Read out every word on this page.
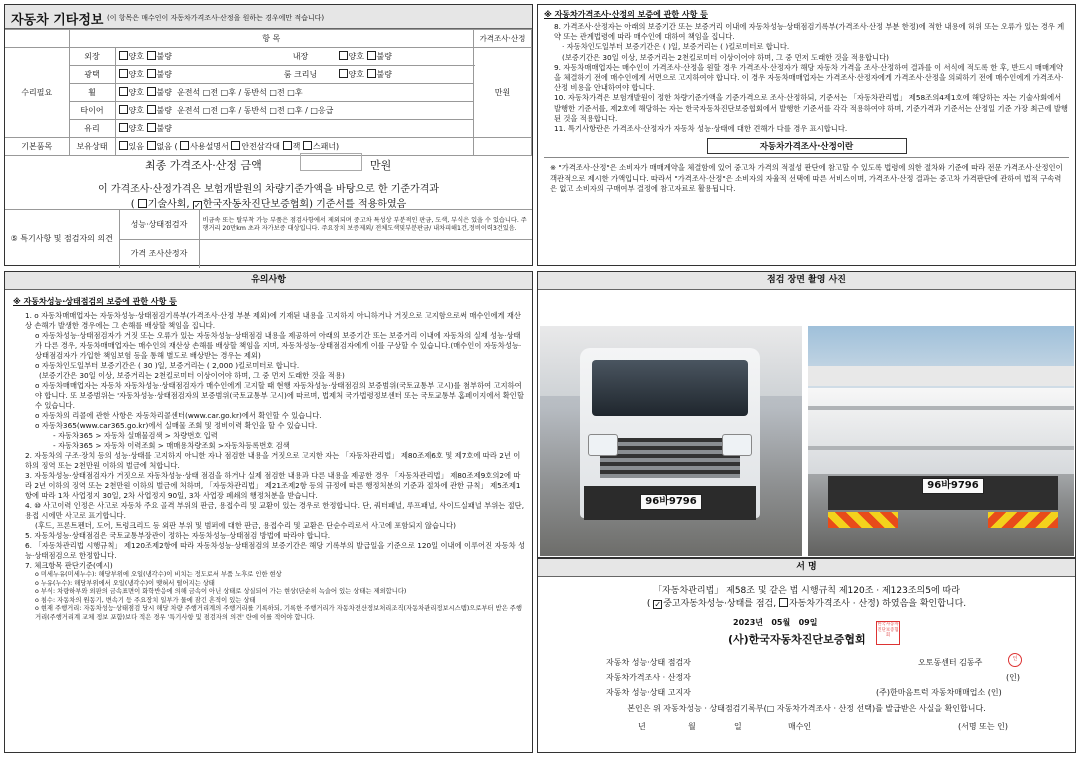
자동차 기타정보 (이 항목은 매수인이 자동차가격조사·산정을 원하는 경우에만 적습니다)
	항 목		가격조사·산정
수리필요	외장	양호 불량 내장 양호 불량	만원
	광택	양호 불량 룸 크리닝 양호 불량	
	휠	양호 불량 운전석 □전 □후 / 동반석 □전 □후	
	타이어	양호 불량 운전석 □전 □후 / 동반석 □전 □후 / □응급	
	유리	양호 불량	
기본품목	보유상태	있음 없음 ( 사용설명서 안전삼각대 잭 스패너)	
최종 가격조사·산정 금액	만원
이 가격조사·산정가격은 보험개발원의 차량기준가액을 바탕으로 한 기준가격과
( 기술사회, ✓ 한국자동차진단보증협회) 기준서를 적용하였음
⑤ 특기사항 및 점검자의 의견	성능·상태점검자	비금속 또는 탈부착 가능 부품은 점검사항에서 제외되며 중고차 특성상 부분적인 판금, 도색, 부식은 있을 수 있습니다. 주행거리 20만km 초과 자가보증 대상입니다. 주요장치 보증제외/ 전체도색및부분판금/ 내차피해1건,정비이력3건있음.
	가격 조사산정자	
※ 자동차가격조사·산정의 보증에 관한 사항 등
8. 가격조사·산정자는 아래의 보증기간 또는 보증거리 이내에 자동차성능·상태점검기록부(가격조사·산정 부분 한정)에 적한 내용에 허위 또는 오류가 있는 경우 계약 또는 관계법령에 따라 매수인에 대하여 책임을 집니다.
· 자동차인도일부터 보증기간은 ( )일, 보증거리는 ( )킬로미터로 합니다.
(보증기간은 30일 이상, 보증거리는 2천킬로미터 이상이어야 하며, 그 중 먼저 도래한 것을 적용합니다)
9. 자동차매매업자는 매수인이 가격조사·산정을 원할 경우 가격조사·산정자가 해당 자동차 가격을 조사·산정하여 결과를 이 서식에 적도록 한 후, 반드시 매매계약을 체결하기 전에 매수인에게 서면으로 고지하여야 합니다. 이 경우 자동차매매업자는 가격조사·산정자에게 가격조사·산정을 의뢰하기 전에 매수인에게 가격조사·산정 비용을 안내하여야 합니다.
10. 자동차가격은 보험개발원이 정한 차량기준가액을 기준가격으로 조사·산정하되, 기준서는 「자동차관리법」 제58조의4제1호에 해당하는 자는 기술사회에서 발행한 기준서를, 제2호에 해당하는 자는 한국자동차진단보증협회에서 발행한 기준서를 각각 적용하여야 하며, 기준가격과 기준서는 산정일 기준 가장 최근에 발행된 것을 적용합니다.
11. 특기사항란은 가격조사·산정자가 자동차 성능·상태에 대한 견해가 다를 경우 표시합니다.
자동차가격조사·산정이란
※ "가격조사·산정"은 소비자가 매매계약을 체결함에 있어 중고차 가격의 적절성 판단에 참고할 수 있도록 법령에 의한 절차와 기준에 따라 전문 가격조사·산정인이 객관적으로 제시한 가액입니다. 따라서 "가격조사·산정"은 소비자의 자율적 선택에 따른 서비스이며, 가격조사·산정 결과는 중고차 가격판단에 관하여 법적 구속력은 없고 소비자의 구매여부 결정에 참고자료로 활용됩니다.
유의사항
※ 자동차성능·상태점검의 보증에 관한 사항 등
1. ο 자동차매매업자는 자동차성능·상태점검기록부(가격조사·산정 부분 제외)에 기재된 내용을 고지하지 아니하거나 거짓으로 고지함으로써 매수인에게 재산상 손해가 발생한 경우에는 그 손해를 배상할 책임을 집니다.
ο 자동차성능·상태점검자가 거짓 또는 오류가 있는 자동차성능·상태점검 내용을 제공하여 아래의 보증기간 또는 보증거리 이내에 자동차의 실제 성능·상태가 다른 경우, 자동차매매업자는 매수인의 재산상 손해를 배상할 책임을 지며, 자동차성능·상태점검자에게 이를 구상할 수 있습니다.(매수인이 자동차성능·상태점검자가 가입한 책임보험 등을 통해 별도로 배상받는 경우는 제외)
ο 자동차인도일부터 보증기간은 ( 30 )일, 보증거리는 ( 2,000 )킬로미터로 합니다.
(보증기간은 30일 이상, 보증거리는 2천킬로미터 이상이어야 하며, 그 중 먼저 도래한 것을 적용)
ο 자동차매매업자는 자동차 자동차성능·상태점검자가 매수인에게 고지할 때 현행 자동차성능·상태점검의 보증범위(국토교통부 고시)를 첨부하여 고지하여야 합니다. 또 보증범위는 '자동차성능·상태점검자의 보증범위(국토교통부 고시)에 따르며, 법제처 국가법령정보센터 또는 국토교통부 홈페이지에서 확인할 수 있습니다.
ο 자동차의 리콜에 관한 사항은 자동차리콜센터(www.car.go.kr)에서 확인할 수 있습니다.
ο 자동차365(www.car365.go.kr)에서 실매물 조회 및 정비이력 확인을 할 수 있습니다.
- 자동차365 > 자동차 실매물검색 > 차량번호 입력
- 자동차365 > 자동차 이력조회 > 매매용차량조회 >자동차등록번호 검색
2. 자동차의 구조·장치 등의 성능·상태를 고지하지 아니한 자나 점검한 내용을 거짓으로 고지한 자는 「자동차관리법」 제80조제6호 및 제7호에 따라 2년 이하의 징역 또는 2천만원 이하의 벌금에 처합니다.
3. 자동차성능·상태점검자가 거짓으로 자동차성능·상태 점검을 하거나 실제 점검한 내용과 다른 내용을 제공한 경우 「자동차관리법」 제80조제9호의2에 따라 2년 이하의 징역 또는 2천만원 이하의 벌금에 처하며, 「자동차관리법」 제21조제2항 등의 규정에 따른 행정처분의 기준과 절차에 관한 규칙」 제5조제1항에 따라 1차 사업정지 30일, 2차 사업정지 90일, 3차 사업장 폐쇄의 행정처분을 받습니다.
4. ⑩ 사고이력 인정은 사고로 자동차 주요 골격 부위의 판금, 용접수리 및 교환이 있는 경우로 한정합니다. 단, 쿼터패널, 루프패널, 사이드실패널 부위는 절단, 용접 시에만 사고로 표기합니다.
(후드, 프론트펜더, 도어, 트렁크리드 등 외판 부위 및 범퍼에 대한 판금, 용접수리 및 교환은 단순수리로서 사고에 포함되지 않습니다)
5. 자동차성능·상태점검은 국토교통부장관이 정하는 자동차성능·상태점검 방법에 따라야 합니다.
6. 「자동차관리법 시행규칙」 제120조제2항에 따라 자동차성능·상태점검의 보증기간은 해당 기록부의 발급일을 기준으로 120일 이내에 이루어진 자동차 성능·상태점검으로 한정합니다.
7. 체크항목 판단기준(예시)
ο 미세누유(미세누수): 해당부위에 오일(냉각수)이 비치는 정도로서 부품 노후로 인한 현상
ο 누유(누수): 해당부위에서 오일(냉각수)이 맺혀서 떨어지는 상태
ο 부식: 차량하부와 외판의 금속표면이 화학반응에 의해 금속이 아닌 상태로 상실되어 가는 현상(단순히 녹슬어 있는 상태는 제외합니다)
ο 침수: 자동차의 원동기, 변속기 등 주요장치 일부가 물에 잠긴 흔적이 있는 상태
ο 현재 주행거리: 자동차성능·상태점검 당시 해당 차량 주행거리계의 주행거리를 기록하되, 기록한 주행거리가 자동차전산정보처리조직(자동차관리정보시스템)으로부터 받은 주행거리(주행거리계 교체 정보 포함)보다 적은 경우 '특기사항 및 점검자의 의견' 란에 이를 적어야 합니다.
점검 장면 촬영 사진
96바9796
96바9796
서 명
「자동차관리법」 제58조 및 같은 법 시행규칙 제120조 · 제123조의5에 따라
( ✓ 중고자동차성능·상태를 점검, 자동차가격조사 · 산정) 하였음을 확인합니다.
2023년 05월 09일
(사)한국자동차진단보증협회
한국자동차진단보증협회
자동차 성능·상태 점검자	오토동센터 김동주	인
자동차가격조사 · 산정자	(인)
자동차 성능·상태 고지자	(주)한마음트럭 자동차매매업소 (인)
본인은 위 자동차성능 · 상태점검기록부(□ 자동차가격조사 · 산정 선택)를 발급받은 사실을 확인합니다.
년	월	일	매수인	(서명 또는 인)
